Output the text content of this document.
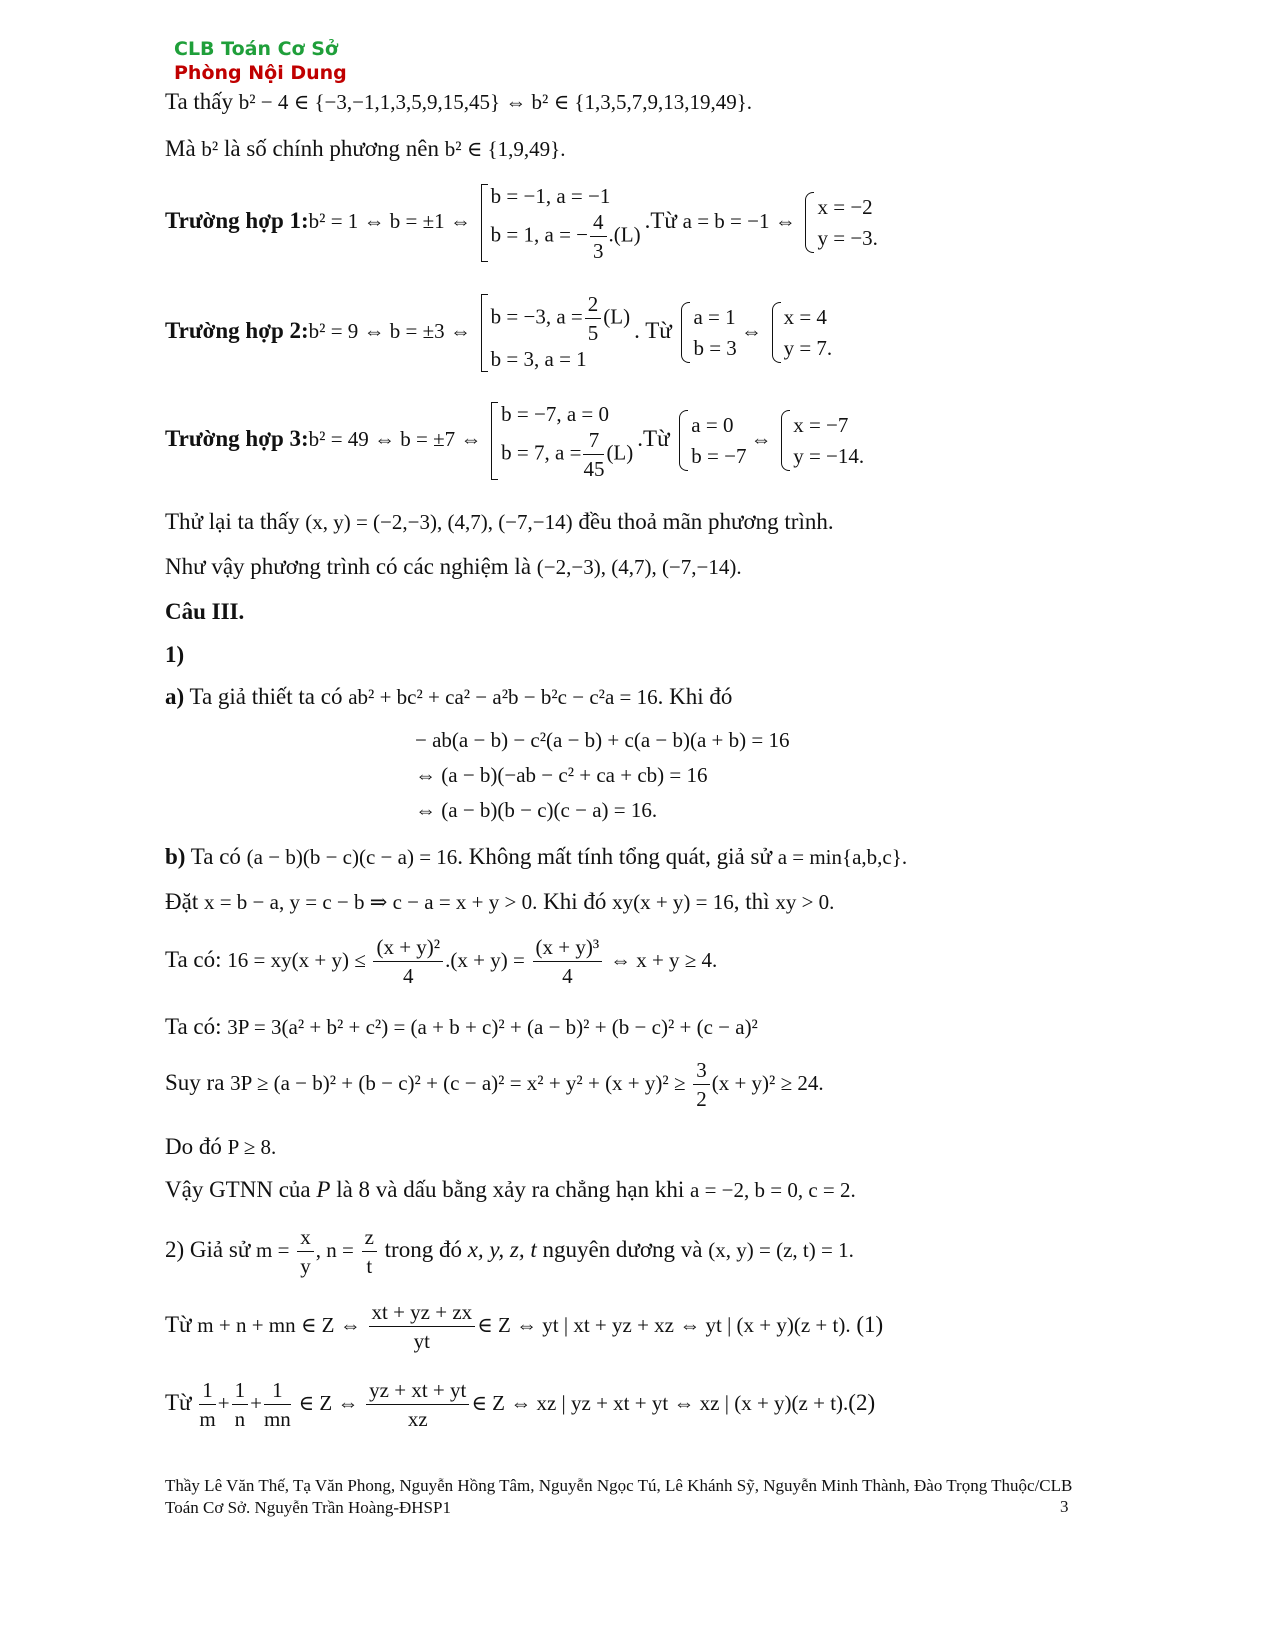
CLB Toán Cơ Sở
Phòng Nội Dung
Ta thấy b² − 4 ∈ {−3,−1,1,3,5,9,15,45} ⇔ b² ∈ {1,3,5,7,9,13,19,49}.
Mà b² là số chính phương nên b² ∈ {1,9,49}.
Trường hợp 1:b² = 1 ⇔ b = ±1 ⇔
b = −1, a = −1
b = 1, a = − $\frac{4}{3} .(L)$
.Từ a = b = −1 ⇔
x = −2
y = −3.
Trường hợp 2:b² = 9 ⇔ b = ±3 ⇔
b = −3, $a = \frac{2}{5} (L)$
b = 3, a = 1
. Từ
a = 1
b = 3
⇔
x = 4
y = 7.
Trường hợp 3:b² = 49 ⇔ b = ±7 ⇔
b = −7, a = 0
b = 7, $a = \frac{7}{45} (L)$
.Từ
a = 0
b = −7
⇔
x = −7
y = −14.
Thử lại ta thấy (x, y) = (−2,−3), (4,7), (−7,−14) đều thoả mãn phương trình.
Như vậy phương trình có các nghiệm là (−2,−3), (4,7), (−7,−14).
Câu III.
1)
a) Ta giả thiết ta có ab² + bc² + ca² − a²b − b²c − c²a = 16. Khi đó
− ab(a − b) − c²(a − b) + c(a − b)(a + b) = 16
⇔ (a − b)(−ab − c² + ca + cb) = 16
⇔ (a − b)(b − c)(c − a) = 16.
b) Ta có (a − b)(b − c)(c − a) = 16. Không mất tính tổng quát, giả sử a = min{a,b,c}.
Đặt x = b − a, y = c − b ⇒ c − a = x + y > 0. Khi đó xy(x + y) = 16, thì xy > 0.
Ta có: $16 = xy(x + y) \le \frac{\text{(x + y)²}}{4} .(x + y) = \frac{\text{(x + y)³}}{4}$ ⇔ x + y ≥ 4.
Ta có: 3P = 3(a² + b² + c²) = (a + b + c)² + (a − b)² + (b − c)² + (c − a)²
Suy ra $3P \ge (a - b)^2 + (b - c)^2 + (c - a)^2 = x^2 + y^2 + (x + y)^2 \ge \frac{3}{2} (x + y)^2 \ge 24$.
Do đó P ≥ 8.
Vậy GTNN của P là 8 và dấu bằng xảy ra chẳng hạn khi a = −2, b = 0, c = 2.
2) Giả sử $m = \frac{x}{y}$ , $n = \frac{z}{t}$ trong đó x, y, z, t nguyên dương và (x, y) = (z, t) = 1.
Từ m + n + mn ∈ Z ⇔ $\frac{xt + yz + zx}{yt}$ ∈ Z ⇔ yt | xt + yz + xz ⇔ yt | (x + y)(z + t). (1)
Từ $\frac{1}{m} + \frac{1}{n} + \frac{1}{mn}$ ∈ Z ⇔ $\frac{yz + xt + yt}{xz}$ ∈ Z ⇔ xz | yz + xt + yt ⇔ xz | (x + y)(z + t).(2)
Thầy Lê Văn Thế, Tạ Văn Phong, Nguyễn Hồng Tâm, Nguyễn Ngọc Tú, Lê Khánh Sỹ, Nguyễn Minh Thành, Đào Trọng Thuộc/CLB Toán Cơ Sở. Nguyễn Trần Hoàng-ĐHSP1	3
